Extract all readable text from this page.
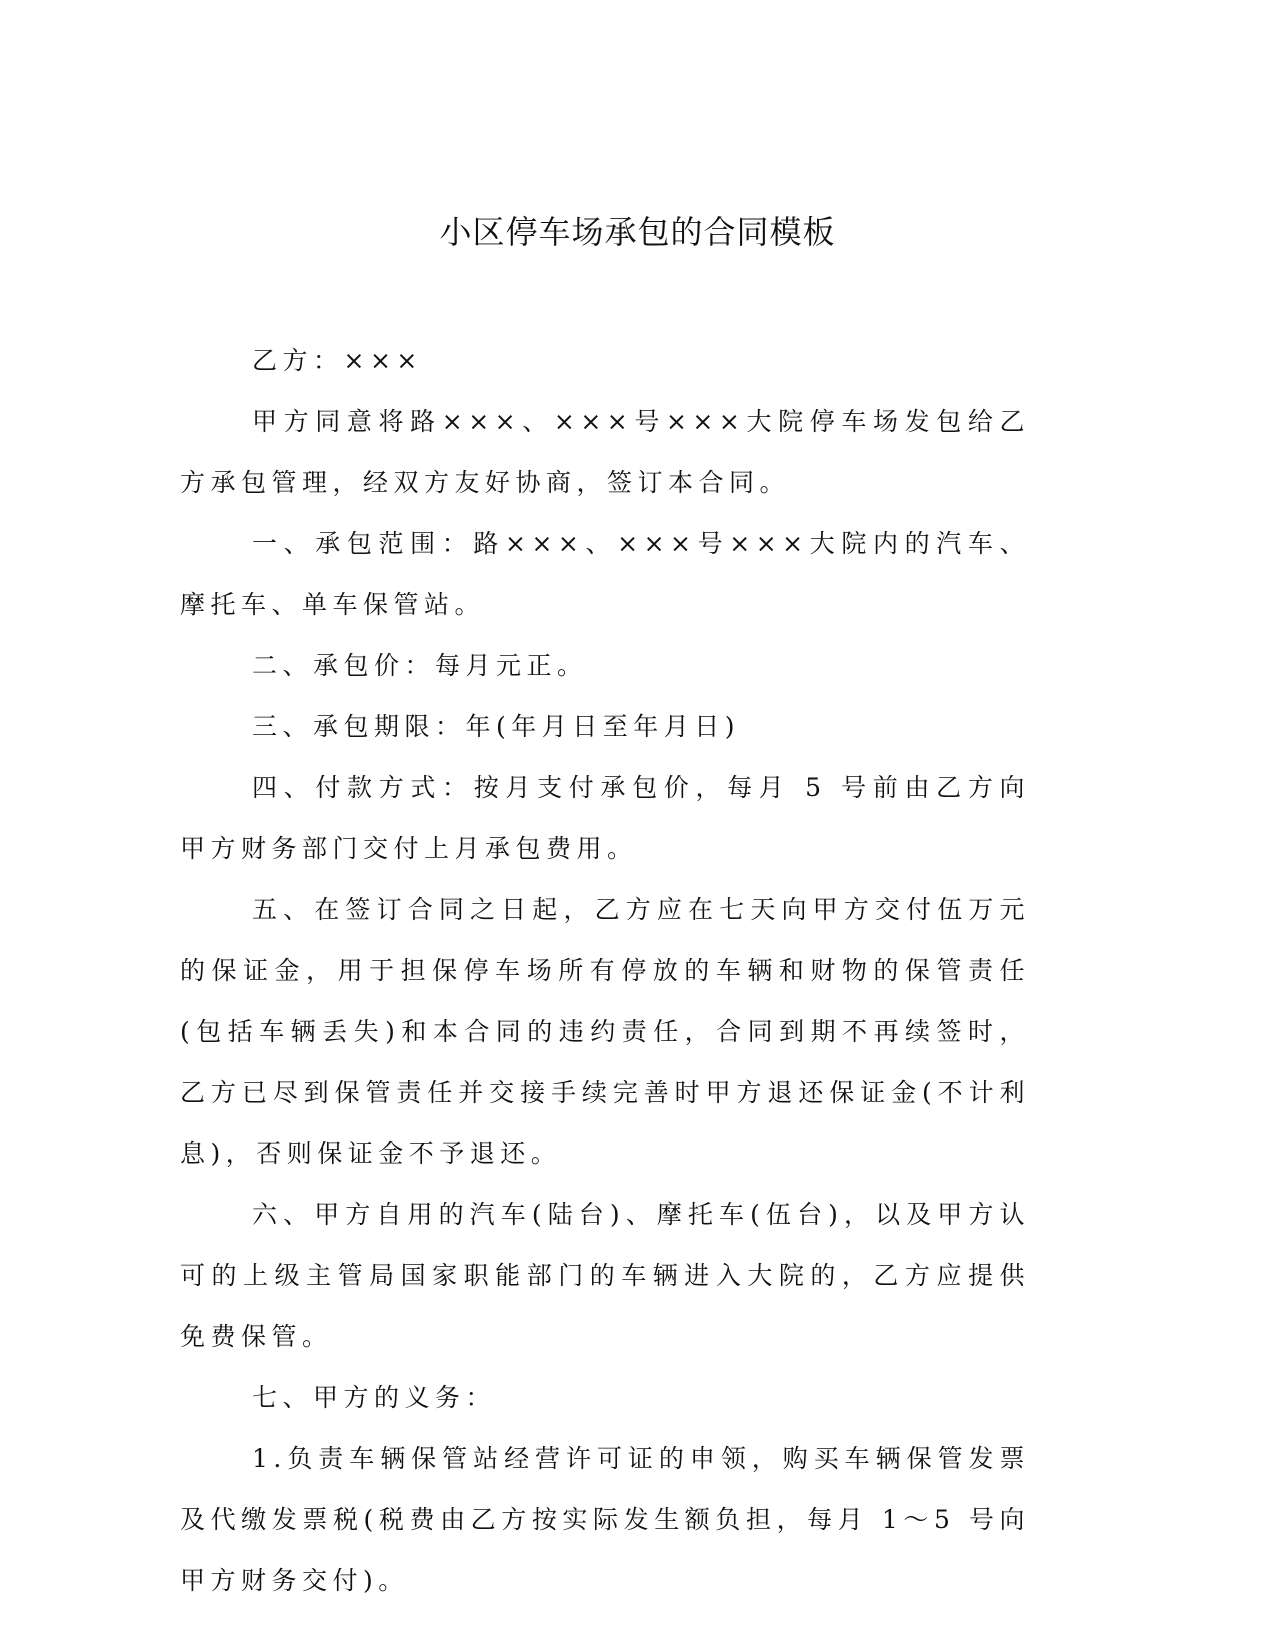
小区停车场承包的合同模板

乙方：×××

甲方同意将路×××、×××号×××大院停车场发包给乙方承包管理，经双方友好协商，签订本合同。

一、承包范围：路×××、×××号×××大院内的汽车、摩托车、单车保管站。

二、承包价：每月元正。

三、承包期限：年(年月日至年月日)

四、付款方式：按月支付承包价，每月 5 号前由乙方向甲方财务部门交付上月承包费用。

五、在签订合同之日起，乙方应在七天向甲方交付伍万元的保证金，用于担保停车场所有停放的车辆和财物的保管责任(包括车辆丢失)和本合同的违约责任，合同到期不再续签时，乙方已尽到保管责任并交接手续完善时甲方退还保证金(不计利息)，否则保证金不予退还。

六、甲方自用的汽车(陆台)、摩托车(伍台)，以及甲方认可的上级主管局国家职能部门的车辆进入大院的，乙方应提供免费保管。

七、甲方的义务：

1.负责车辆保管站经营许可证的申领，购买车辆保管发票及代缴发票税(税费由乙方按实际发生额负担，每月 1～5 号向甲方财务交付)。
